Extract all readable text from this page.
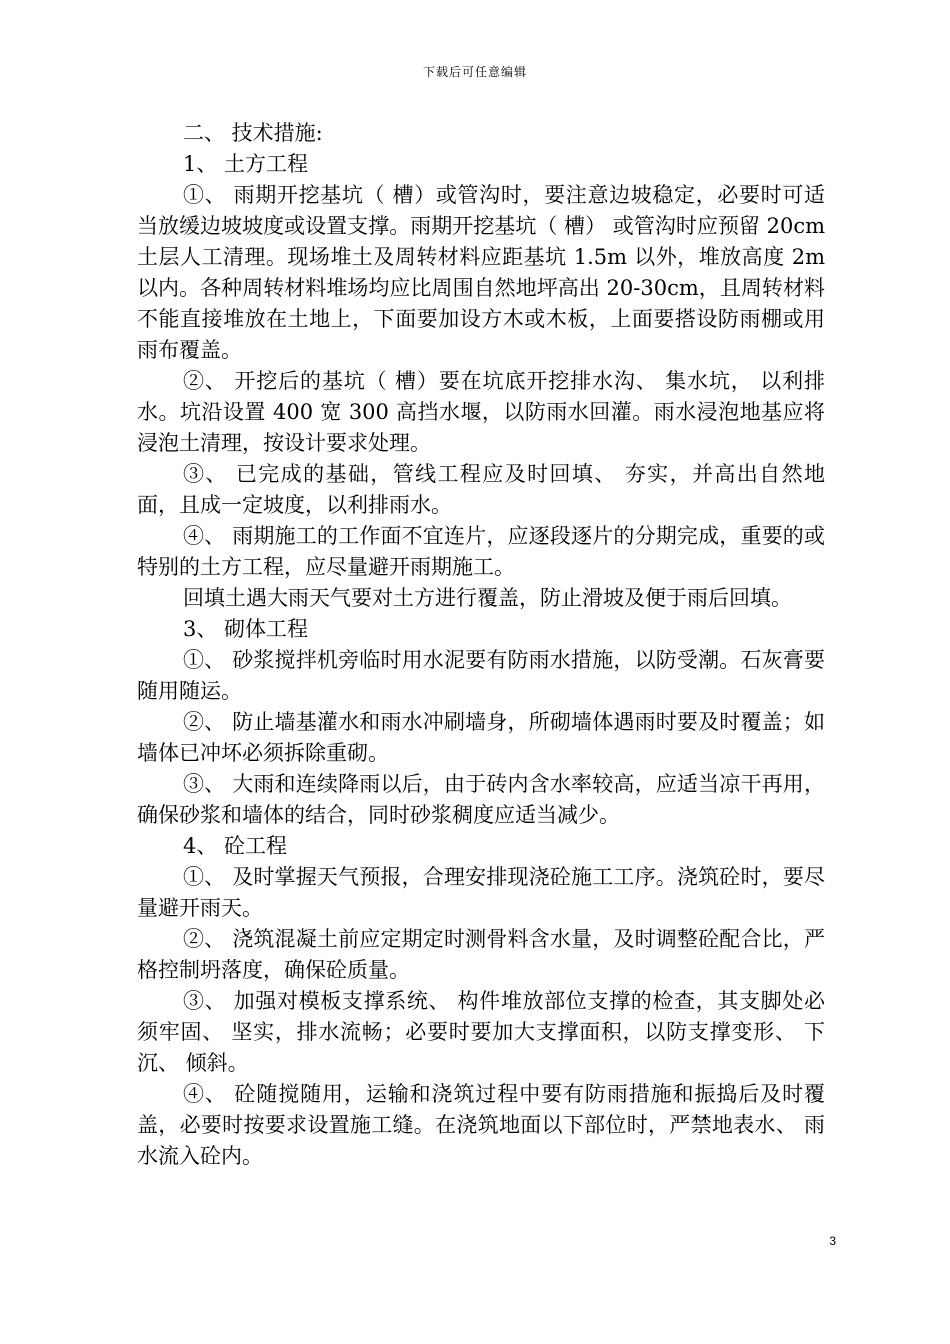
下载后可任意编辑

二、 技术措施:

1、 土方工程

①、 雨期开挖基坑（ 槽）或管沟时，要注意边坡稳定，必要时可适当放缓边坡坡度或设置支撑。雨期开挖基坑（ 槽） 或管沟时应预留 20cm 土层人工清理。现场堆土及周转材料应距基坑 1.5m 以外，堆放高度 2m 以内。各种周转材料堆场均应比周围自然地坪高出 20-30cm，且周转材料不能直接堆放在土地上，下面要加设方木或木板，上面要搭设防雨棚或用雨布覆盖。

②、 开挖后的基坑（ 槽）要在坑底开挖排水沟、 集水坑， 以利排水。坑沿设置 400 宽 300 高挡水堰，以防雨水回灌。雨水浸泡地基应将浸泡土清理，按设计要求处理。

③、 已完成的基础，管线工程应及时回填、 夯实，并高出自然地面，且成一定坡度，以利排雨水。

④、 雨期施工的工作面不宜连片，应逐段逐片的分期完成，重要的或特别的土方工程，应尽量避开雨期施工。

回填土遇大雨天气要对土方进行覆盖，防止滑坡及便于雨后回填。

3、 砌体工程

①、 砂浆搅拌机旁临时用水泥要有防雨水措施，以防受潮。石灰膏要随用随运。

②、 防止墙基灌水和雨水冲刷墙身，所砌墙体遇雨时要及时覆盖；如墙体已冲坏必须拆除重砌。

③、 大雨和连续降雨以后，由于砖内含水率较高，应适当凉干再用，确保砂浆和墙体的结合，同时砂浆稠度应适当减少。

4、 砼工程

①、 及时掌握天气预报，合理安排现浇砼施工工序。浇筑砼时，要尽量避开雨天。

②、 浇筑混凝土前应定期定时测骨料含水量，及时调整砼配合比，严格控制坍落度，确保砼质量。

③、 加强对模板支撑系统、 构件堆放部位支撑的检查，其支脚处必须牢固、 坚实，排水流畅；必要时要加大支撑面积，以防支撑变形、 下沉、 倾斜。

④、 砼随搅随用，运输和浇筑过程中要有防雨措施和振捣后及时覆盖，必要时按要求设置施工缝。在浇筑地面以下部位时，严禁地表水、 雨水流入砼内。

3
